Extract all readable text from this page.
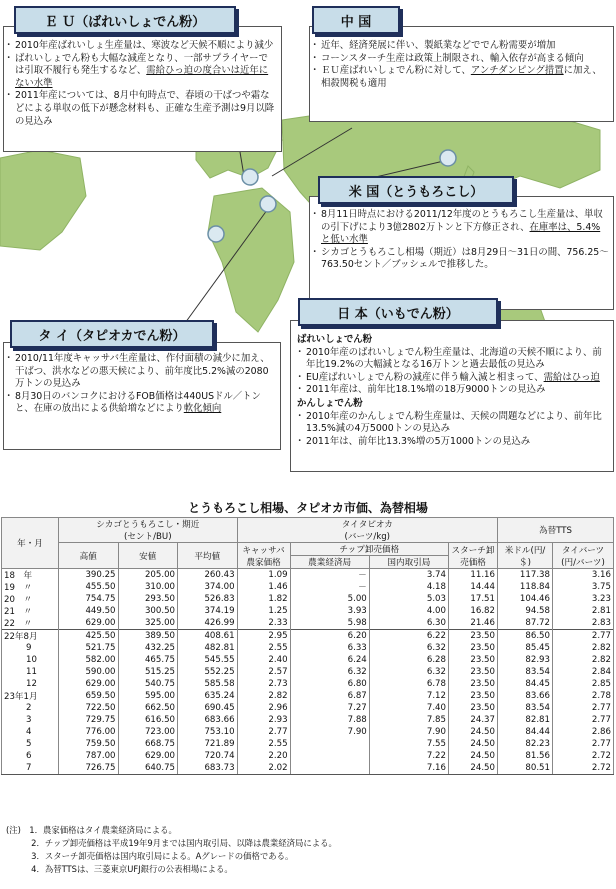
・ 2010年産ばれいしょ生産量は、寒波など天候不順により減少
・ ばれいしょでん粉も大幅な減産となり、一部サプライヤーでは引取不履行も発生するなど、需給ひっ迫の度合いは近年にない水準
・ 2011年産については、8月中旬時点で、春頃の干ばつや霜などによる単収の低下が懸念材料も、正確な生産予測は9月以降の見込み
Ｅ Ｕ（ばれいしょでん粉）
・ 近年、経済発展に伴い、製紙業などででん粉需要が増加
・ コーンスターチ生産は政策上制限され、輸入依存が高まる傾向
・ ＥＵ産ばれいしょでん粉に対して、アンチダンピング措置に加え、相殺関税も適用
中 国
・ 8月11日時点における2011/12年度のとうもろこし生産量は、単収の引下げにより3億2802万トンと下方修正され、在庫率は、5.4%と低い水準
・ シカゴとうもろこし相場（期近）は8月29日〜31日の間、756.25〜763.50セント／ブッシェルで推移した。
米 国（とうもろこし）
・ 2010/11年度キャッサバ生産量は、作付面積の減少に加え、干ばつ、洪水などの悪天候により、前年度比5.2%減の2080万トンの見込み
・ 8月30日のバンコクにおけるFOB価格は440USドル／トンと、在庫の放出による供給増などにより軟化傾向
タ イ（タピオカでん粉）	ばれいしょでん粉
・ 2010年産のばれいしょでん粉生産量は、北海道の天候不順により、前年比19.2%の大幅減となる16万トンと過去最低の見込み
・ EU産ばれいしょでん粉の減産に伴う輸入減と相まって、需給はひっ迫
・ 2011年産は、前年比18.1%増の18万9000トンの見込み
かんしょでん粉
・ 2010年産のかんしょでん粉生産量は、天候の問題などにより、前年比13.5%減の4万5000トンの見込み
・ 2011年は、前年比13.3%増の5万1000トンの見込み
日 本（いもでん粉）
とうもろこし相場、タピオカ市価、為替相場
年・月	シカゴとうもろこし・期近
(セント/BU)			タイタピオカ
(バーツ/kg)				為替TTS	
	高値	安値	平均値	キャッサバ農家価格	チップ卸売価格		スターチ卸売価格	米ドル(円/＄)	タイバーツ(円/バーツ)
					農業経済局	国内取引局			
18　年	390.25	205.00	260.43	1.09	－	3.74	11.16	117.38	3.16
19　〃	455.50	310.00	374.00	1.46	－	4.18	14.44	118.84	3.75
20　〃	754.75	293.50	526.83	1.82	5.00	5.03	17.51	104.46	3.23
21　〃	449.50	300.50	374.19	1.25	3.93	4.00	16.82	94.58	2.81
22　〃	629.00	325.00	426.99	2.33	5.98	6.30	21.46	87.72	2.83
22年8月	425.50	389.50	408.61	2.95	6.20	6.22	23.50	86.50	2.77
9	521.75	432.25	482.81	2.55	6.33	6.32	23.50	85.45	2.82
10	582.00	465.75	545.55	2.40	6.24	6.28	23.50	82.93	2.82
11	590.00	515.25	552.25	2.57	6.32	6.32	23.50	83.54	2.84
12	629.00	540.75	585.58	2.73	6.80	6.78	23.50	84.45	2.85
23年1月	659.50	595.00	635.24	2.82	6.87	7.12	23.50	83.66	2.78
2	722.50	662.50	690.45	2.96	7.27	7.40	23.50	83.54	2.77
3	729.75	616.50	683.66	2.93	7.88	7.85	24.37	82.81	2.77
4	776.00	723.00	753.10	2.77	7.90	7.90	24.50	84.44	2.86
5	759.50	668.75	721.89	2.55		7.55	24.50	82.23	2.77
6	787.00	629.00	720.74	2.20		7.22	24.50	81.56	2.72
7	726.75	640.75	683.73	2.02		7.16	24.50	80.51	2.72
(注)　1．農家価格はタイ農業経済局による。
　　　2．チップ卸売価格は平成19年9月までは国内取引局、以降は農業経済局による。
　　　3．スターチ卸売価格は国内取引局による。Aグレードの価格である。
　　　4．為替TTSは、三菱東京UFJ銀行の公表相場による。
